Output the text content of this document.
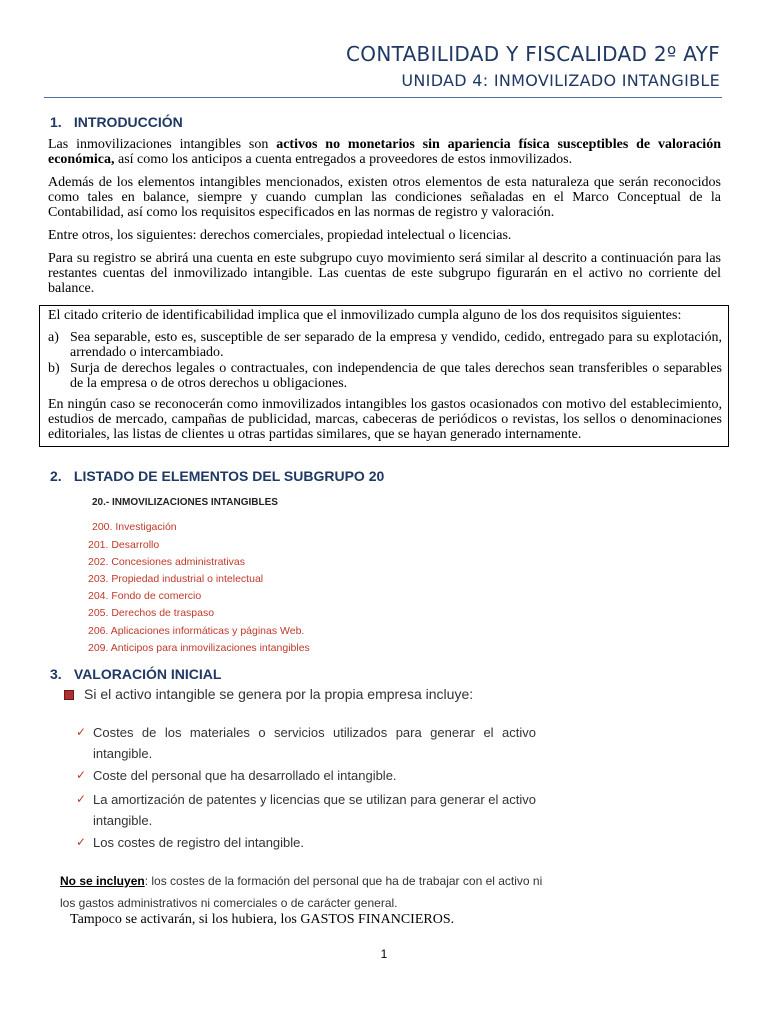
CONTABILIDAD Y FISCALIDAD 2º AYF
UNIDAD 4: INMOVILIZADO INTANGIBLE
1. INTRODUCCIÓN
Las inmovilizaciones intangibles son activos no monetarios sin apariencia física susceptibles de valoración económica, así como los anticipos a cuenta entregados a proveedores de estos inmovilizados.
Además de los elementos intangibles mencionados, existen otros elementos de esta naturaleza que serán reconocidos como tales en balance, siempre y cuando cumplan las condiciones señaladas en el Marco Conceptual de la Contabilidad, así como los requisitos especificados en las normas de registro y valoración.
Entre otros, los siguientes: derechos comerciales, propiedad intelectual o licencias.
Para su registro se abrirá una cuenta en este subgrupo cuyo movimiento será similar al descrito a continuación para las restantes cuentas del inmovilizado intangible. Las cuentas de este subgrupo figurarán en el activo no corriente del balance.
El citado criterio de identificabilidad implica que el inmovilizado cumpla alguno de los dos requisitos siguientes:
a) Sea separable, esto es, susceptible de ser separado de la empresa y vendido, cedido, entregado para su explotación, arrendado o intercambiado.
b) Surja de derechos legales o contractuales, con independencia de que tales derechos sean transferibles o separables de la empresa o de otros derechos u obligaciones.
En ningún caso se reconocerán como inmovilizados intangibles los gastos ocasionados con motivo del establecimiento, estudios de mercado, campañas de publicidad, marcas, cabeceras de periódicos o revistas, los sellos o denominaciones editoriales, las listas de clientes u otras partidas similares, que se hayan generado internamente.
2. LISTADO DE ELEMENTOS DEL SUBGRUPO 20
20.- INMOVILIZACIONES INTANGIBLES
200. Investigación
201. Desarrollo
202. Concesiones administrativas
203. Propiedad industrial o intelectual
204. Fondo de comercio
205. Derechos de traspaso
206. Aplicaciones informáticas y páginas Web.
209. Anticipos para inmovilizaciones intangibles
3. VALORACIÓN INICIAL
Si el activo intangible se genera por la propia empresa incluye:
✓ Costes de los materiales o servicios utilizados para generar el activo intangible.
✓ Coste del personal que ha desarrollado el intangible.
✓ La amortización de patentes y licencias que se utilizan para generar el activo intangible.
✓ Los costes de registro del intangible.
No se incluyen: los costes de la formación del personal que ha de trabajar con el activo ni los gastos administrativos ni comerciales o de carácter general.
Tampoco se activarán, si los hubiera, los GASTOS FINANCIEROS.
1
